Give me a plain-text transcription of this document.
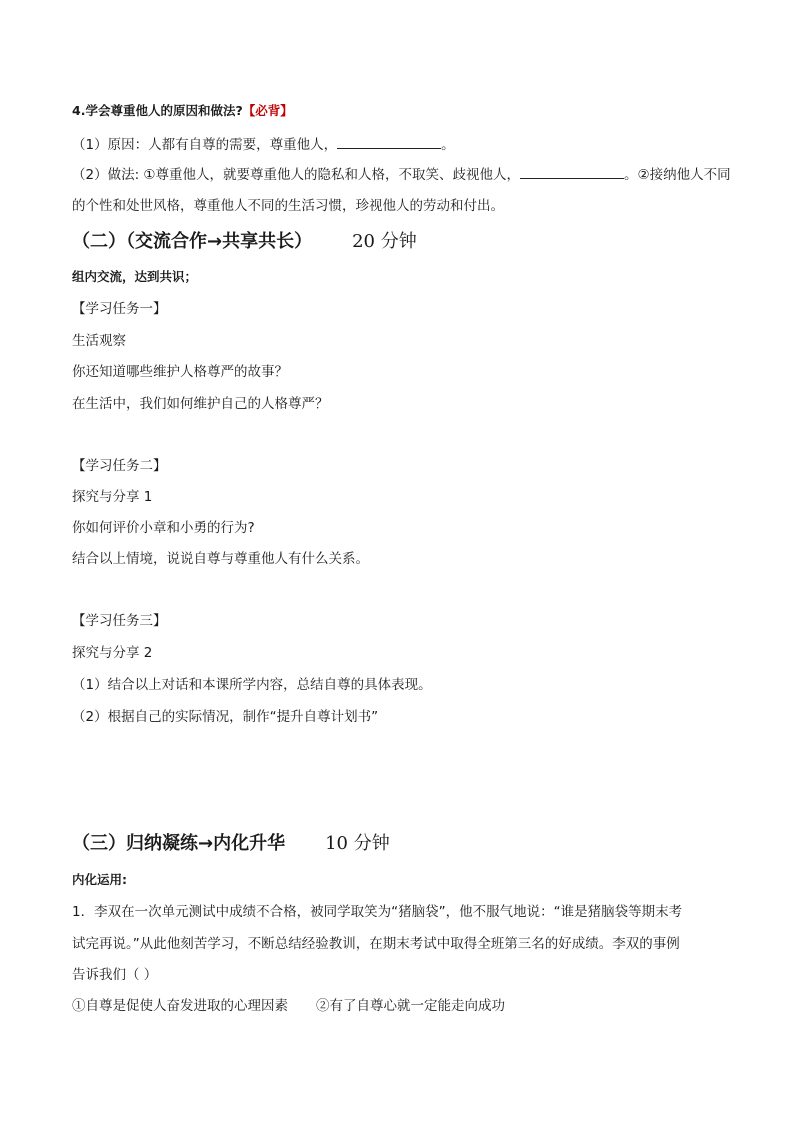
4.学会尊重他人的原因和做法?【必背】
（1）原因：人都有自尊的需要，尊重他人，	。
（2）做法: ①尊重他人，就要尊重他人的隐私和人格，不取笑、歧视他人，	。②接纳他人不同
的个性和处世风格，尊重他人不同的生活习惯，珍视他人的劳动和付出。
（二）（交流合作→共享共长） 20 分钟
组内交流，达到共识；
【学习任务一】
生活观察
你还知道哪些维护人格尊严的故事？
在生活中，我们如何维护自己的人格尊严？
【学习任务二】
探究与分享 1
你如何评价小章和小勇的行为?
结合以上情境，说说自尊与尊重他人有什么关系。
【学习任务三】
探究与分享 2
（1）结合以上对话和本课所学内容，总结自尊的具体表现。
（2）根据自己的实际情况，制作“提升自尊计划书”
（三）归纳凝练→内化升华 10 分钟
内化运用:
1．李双在一次单元测试中成绩不合格，被同学取笑为“猪脑袋”，他不服气地说：“谁是猪脑袋等期末考
试完再说。”从此他刻苦学习，不断总结经验教训，在期末考试中取得全班第三名的好成绩。李双的事例
告诉我们（ ）
①自尊是促使人奋发进取的心理因素 ②有了自尊心就一定能走向成功
